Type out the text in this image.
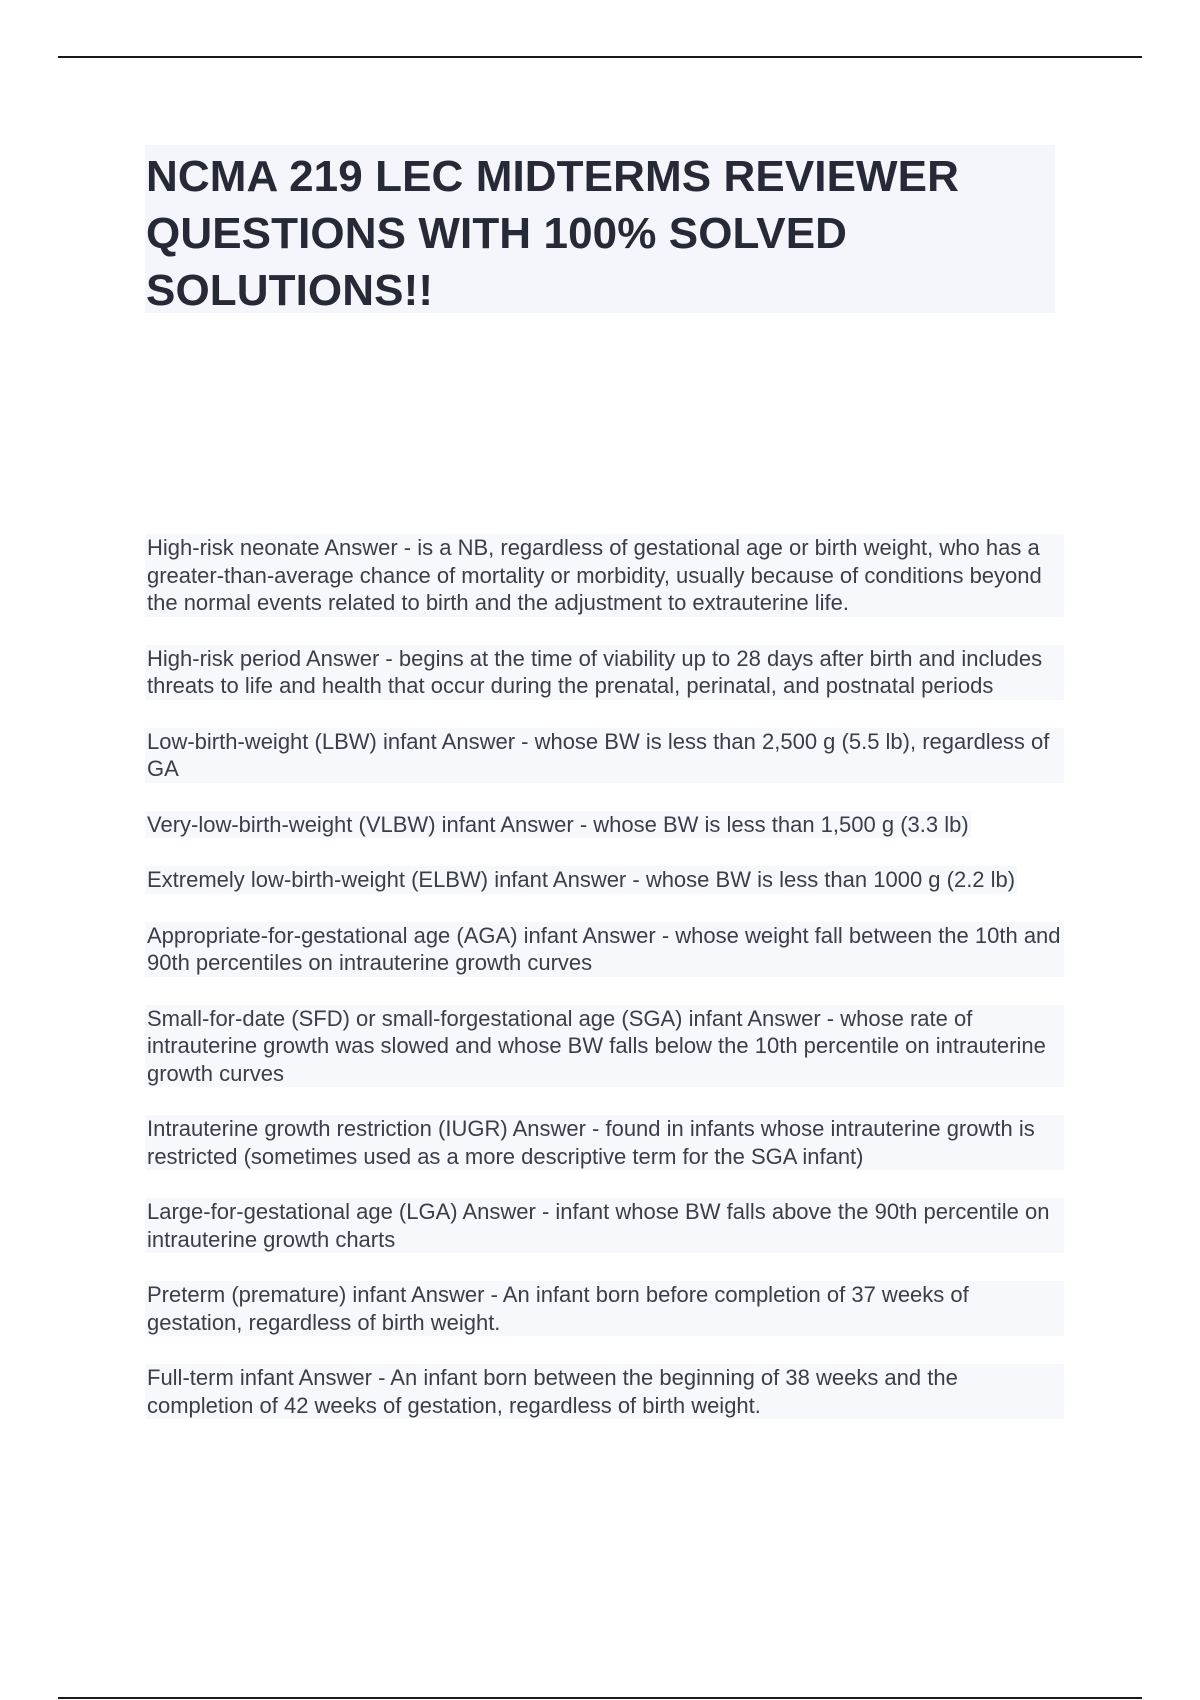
NCMA 219 LEC MIDTERMS REVIEWER QUESTIONS WITH 100% SOLVED SOLUTIONS!!

High-risk neonate Answer - is a NB, regardless of gestational age or birth weight, who has a greater-than-average chance of mortality or morbidity, usually because of conditions beyond the normal events related to birth and the adjustment to extrauterine life.

High-risk period Answer - begins at the time of viability up to 28 days after birth and includes threats to life and health that occur during the prenatal, perinatal, and postnatal periods

Low-birth-weight (LBW) infant Answer - whose BW is less than 2,500 g (5.5 lb), regardless of GA

Very-low-birth-weight (VLBW) infant Answer - whose BW is less than 1,500 g (3.3 lb)

Extremely low-birth-weight (ELBW) infant Answer - whose BW is less than 1000 g (2.2 lb)

Appropriate-for-gestational age (AGA) infant Answer - whose weight fall between the 10th and 90th percentiles on intrauterine growth curves

Small-for-date (SFD) or small-forgestational age (SGA) infant Answer - whose rate of intrauterine growth was slowed and whose BW falls below the 10th percentile on intrauterine growth curves

Intrauterine growth restriction (IUGR) Answer - found in infants whose intrauterine growth is restricted (sometimes used as a more descriptive term for the SGA infant)

Large-for-gestational age (LGA) Answer - infant whose BW falls above the 90th percentile on intrauterine growth charts

Preterm (premature) infant Answer - An infant born before completion of 37 weeks of gestation, regardless of birth weight.

Full-term infant Answer - An infant born between the beginning of 38 weeks and the completion of 42 weeks of gestation, regardless of birth weight.
